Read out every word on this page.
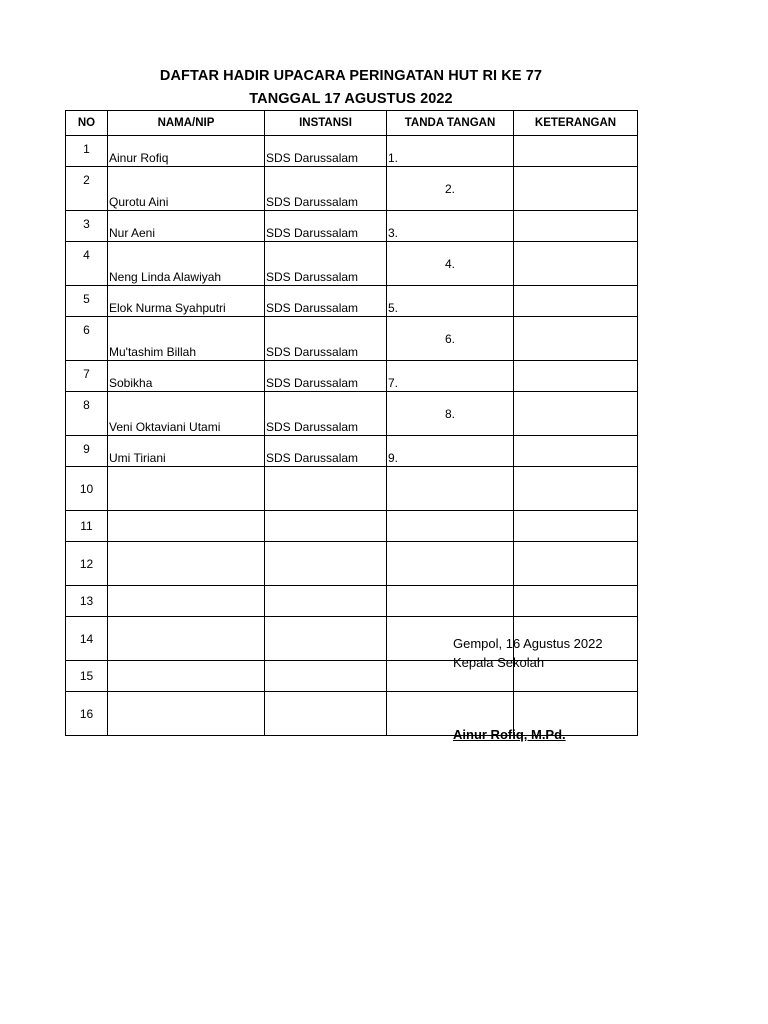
DAFTAR HADIR UPACARA PERINGATAN HUT RI KE 77
TANGGAL 17 AGUSTUS 2022
NO	NAMA/NIP	INSTANSI	TANDA TANGAN	KETERANGAN
1	Ainur Rofiq	SDS Darussalam	1.	
2	Qurotu Aini	SDS Darussalam	2.	
3	Nur Aeni	SDS Darussalam	3.	
4	Neng Linda Alawiyah	SDS Darussalam	4.	
5	Elok Nurma Syahputri	SDS Darussalam	5.	
6	Mu'tashim Billah	SDS Darussalam	6.	
7	Sobikha	SDS Darussalam	7.	
8	Veni Oktaviani Utami	SDS Darussalam	8.	
9	Umi Tiriani	SDS Darussalam	9.	
10				
11				
12				
13				
14				
15				
16				
Gempol, 16 Agustus 2022
Kepala Sekolah
Ainur Rofiq, M.Pd.
